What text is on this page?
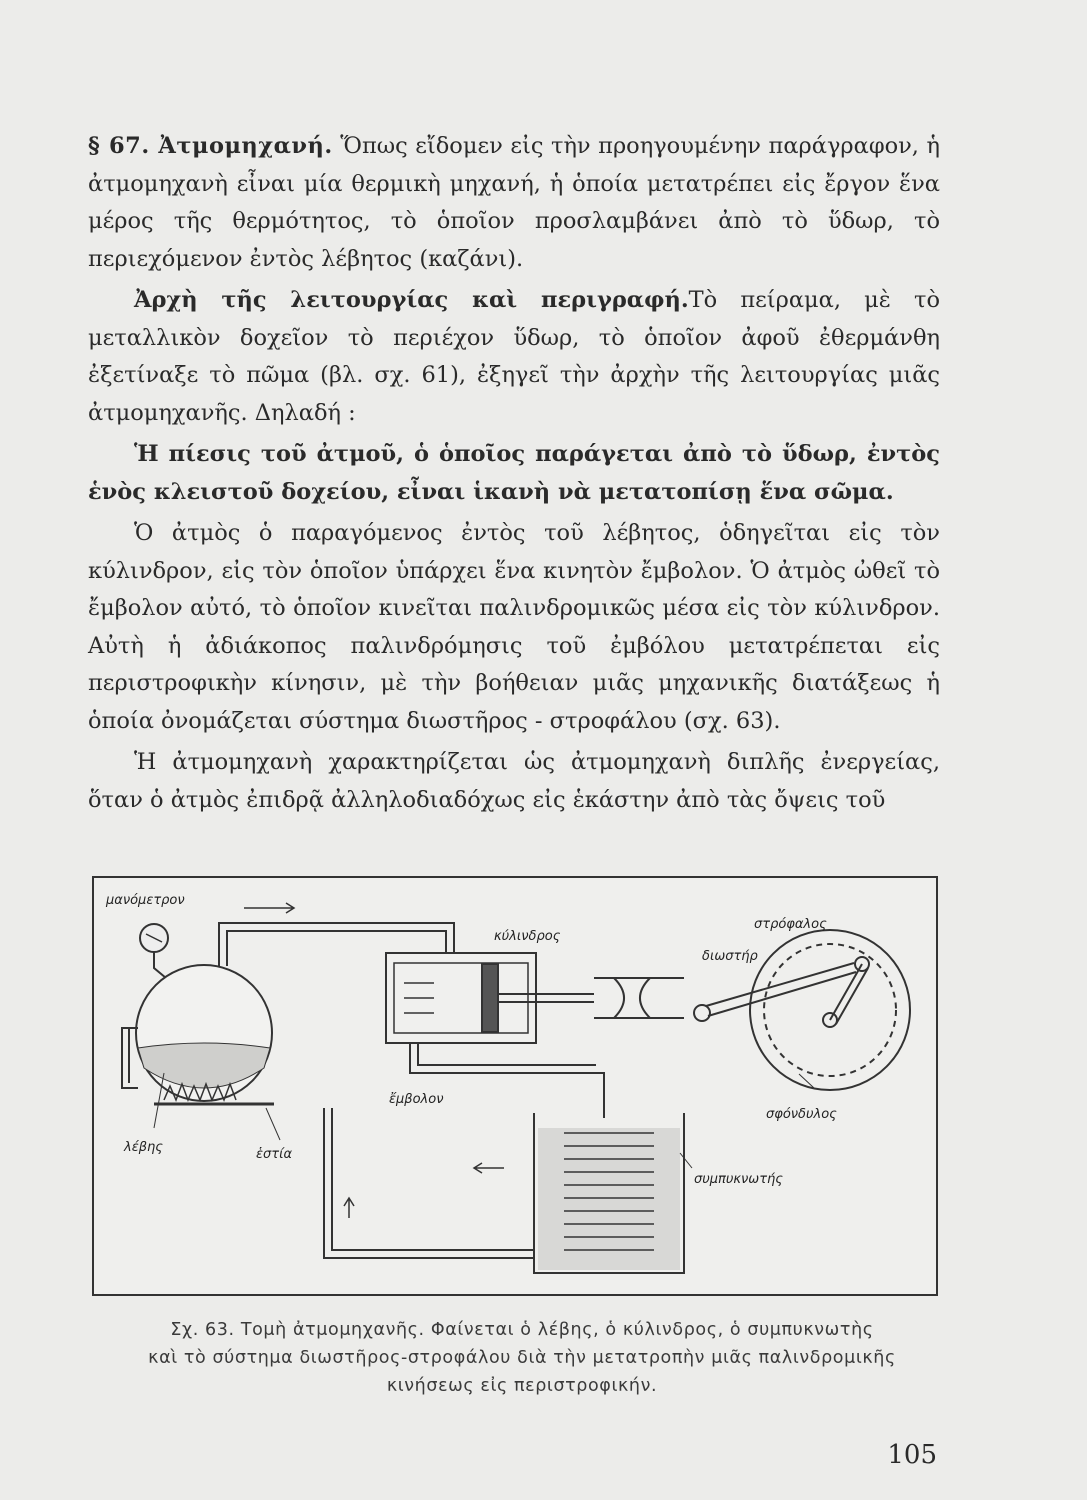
§ 67. Ἀτμομηχανή. Ὅπως εἴδομεν εἰς τὴν προηγουμένην παράγραφον, ἡ ἀτμομηχανὴ εἶναι μία θερμικὴ μηχανή, ἡ ὁποία μετατρέπει εἰς ἔργον ἕνα μέρος τῆς θερμότητος, τὸ ὁποῖον προσλαμβάνει ἀπὸ τὸ ὕδωρ, τὸ περιεχόμενον ἐντὸς λέβητος (καζάνι).

Ἀρχὴ τῆς λειτουργίας καὶ περιγραφή.Τὸ πείραμα, μὲ τὸ μεταλλικὸν δοχεῖον τὸ περιέχον ὕδωρ, τὸ ὁποῖον ἀφοῦ ἐθερμάνθη ἐξετίναξε τὸ πῶμα (βλ. σχ. 61), ἐξηγεῖ τὴν ἀρχὴν τῆς λειτουργίας μιᾶς ἀτμομηχανῆς. Δηλαδή :

Ἡ πίεσις τοῦ ἀτμοῦ, ὁ ὁποῖος παράγεται ἀπὸ τὸ ὕδωρ, ἐντὸς ἑνὸς κλειστοῦ δοχείου, εἶναι ἱκανὴ νὰ μετατοπίσῃ ἕνα σῶμα.

Ὁ ἀτμὸς ὁ παραγόμενος ἐντὸς τοῦ λέβητος, ὁδηγεῖται εἰς τὸν κύλινδρον, εἰς τὸν ὁποῖον ὑπάρχει ἕνα κινητὸν ἔμβολον. Ὁ ἀτμὸς ὠθεῖ τὸ ἔμβολον αὐτό, τὸ ὁποῖον κινεῖται παλινδρομικῶς μέσα εἰς τὸν κύλινδρον. Αὐτὴ ἡ ἀδιάκοπος παλινδρόμησις τοῦ ἐμβόλου μετατρέπεται εἰς περιστροφικὴν κίνησιν, μὲ τὴν βοήθειαν μιᾶς μηχανικῆς διατάξεως ἡ ὁποία ὀνομάζεται σύστημα διωστῆρος - στροφάλου (σχ. 63).

Ἡ ἀτμομηχανὴ χαρακτηρίζεται ὡς ἀτμομηχανὴ διπλῆς ἐνεργείας, ὅταν ὁ ἀτμὸς ἐπιδρᾷ ἀλληλοδιαδόχως εἰς ἑκάστην ἀπὸ τὰς ὄψεις τοῦ

μανόμετρον
κύλινδρος
στρόφαλος
διωστήρ
ἔμβολον
σφόνδυλος
λέβης	ἑστία
συμπυκνωτής
Σχ. 63. Τομὴ ἀτμομηχανῆς. Φαίνεται ὁ λέβης, ὁ κύλινδρος, ὁ συμπυκνωτὴς
καὶ τὸ σύστημα διωστῆρος-στροφάλου διὰ τὴν μετατροπὴν μιᾶς παλινδρομικῆς
κινήσεως εἰς περιστροφικήν.
105
